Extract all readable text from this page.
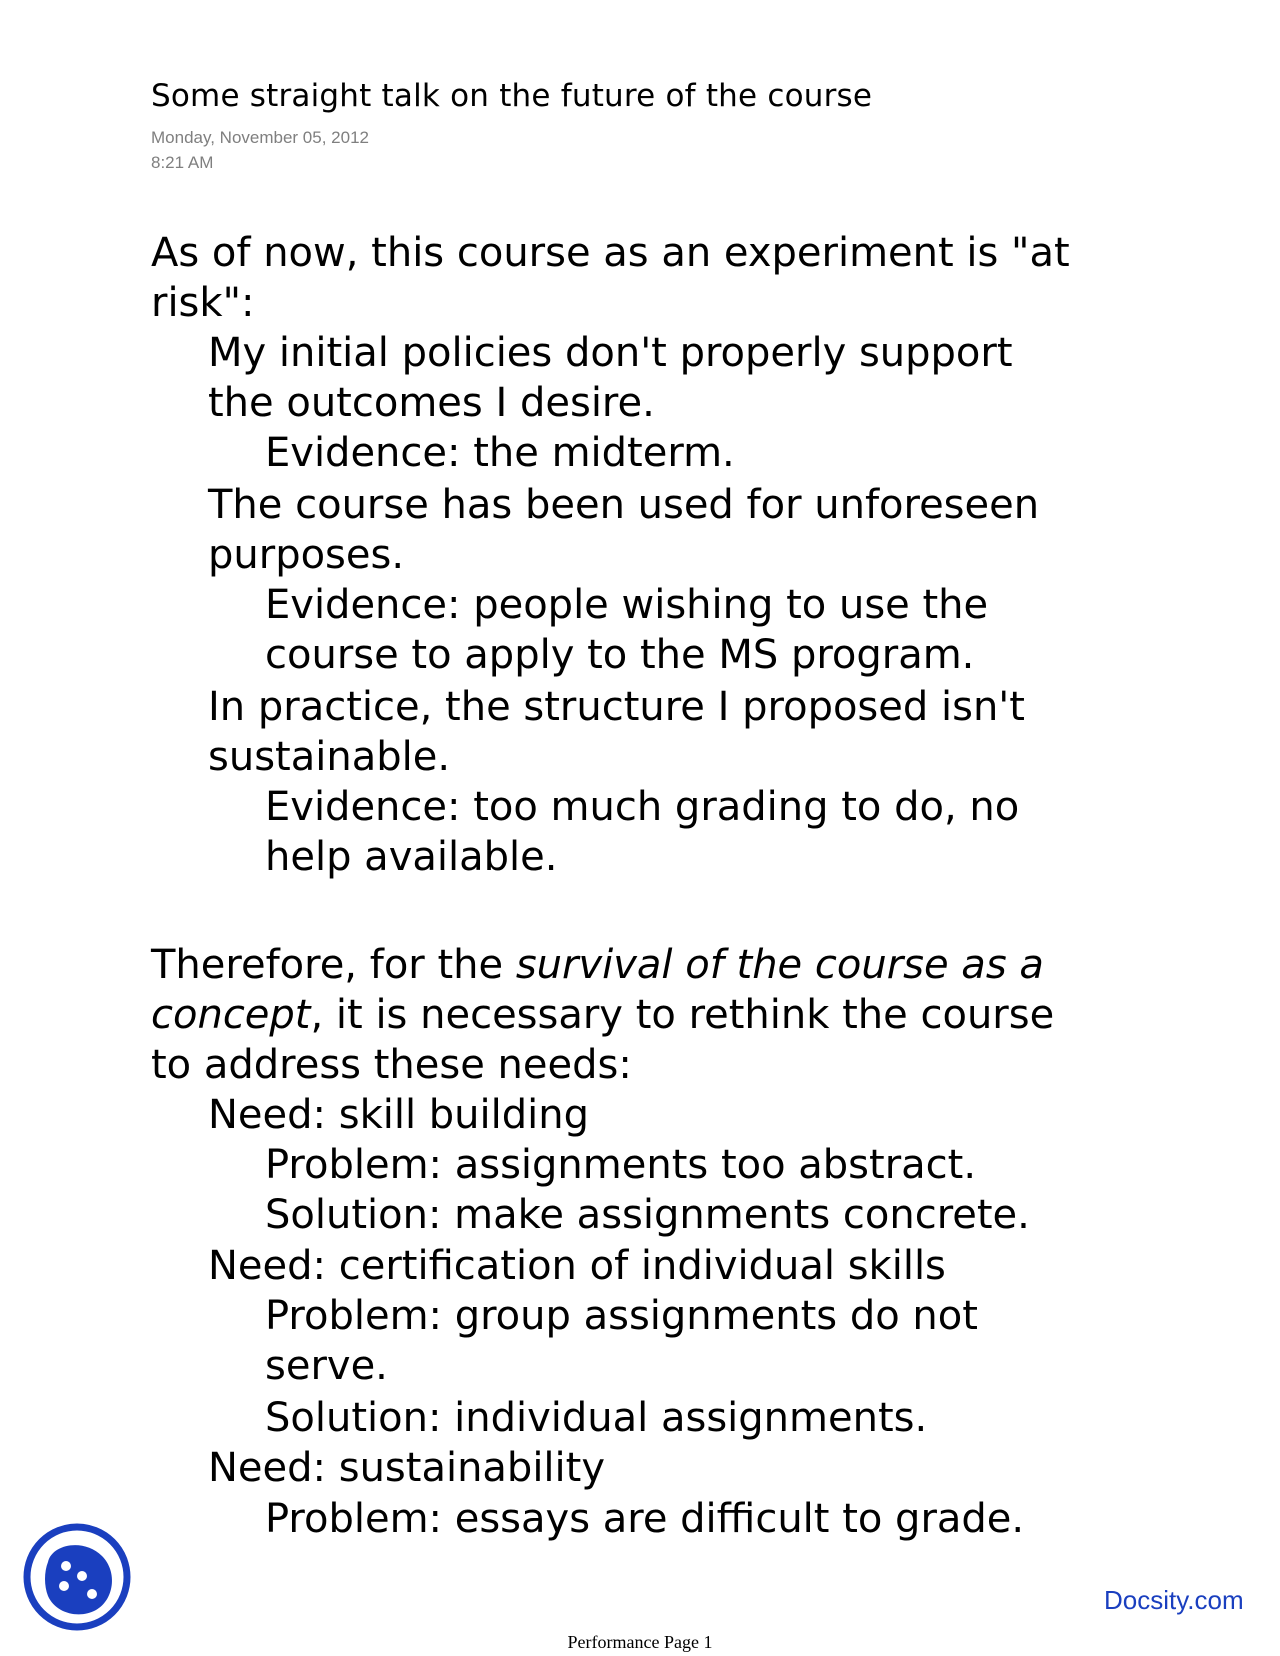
Some straight talk on the future of the course
Monday, November 05, 2012
8:21 AM
As of now, this course as an experiment is "at
risk":
My initial policies don't properly support
the outcomes I desire.
Evidence: the midterm.
The course has been used for unforeseen
purposes.
Evidence: people wishing to use the
course to apply to the MS program.
In practice, the structure I proposed isn't
sustainable.
Evidence: too much grading to do, no
help available.
Therefore, for the survival of the course as a
concept, it is necessary to rethink the course
to address these needs:
Need: skill building
Problem: assignments too abstract.
Solution: make assignments concrete.
Need: certification of individual skills
Problem: group assignments do not
serve.
Solution: individual assignments.
Need: sustainability
Problem: essays are difficult to grade.
Docsity.com
Performance Page 1
